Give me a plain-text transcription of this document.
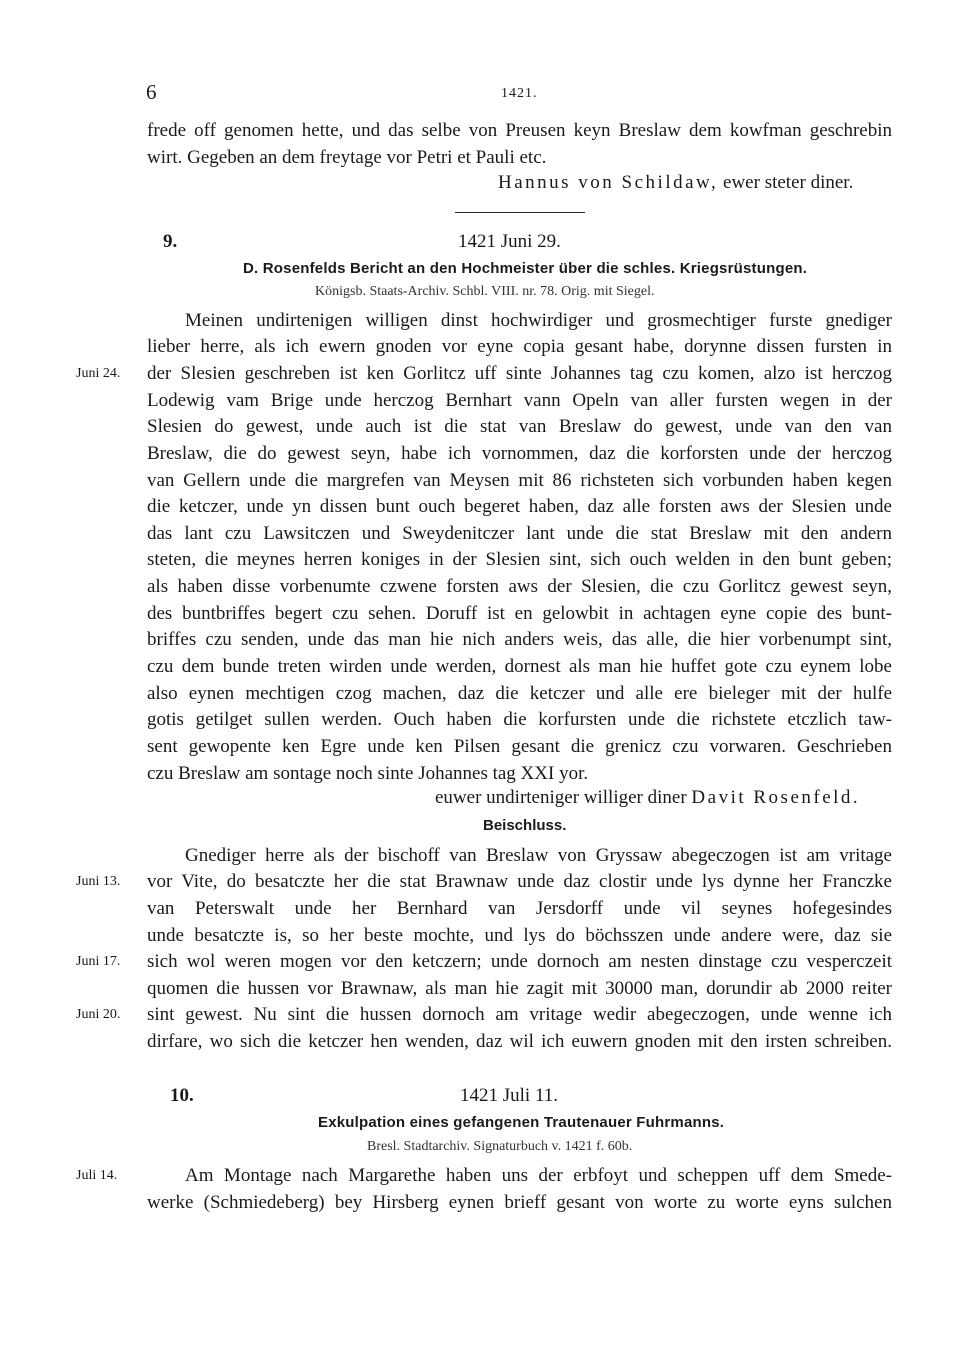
6	1421.
frede off genomen hette, und das selbe von Preusen keyn Breslaw dem kowfman geschrebin
wirt. Gegeben an dem freytage vor Petri et Pauli etc.
Hannus von Schildaw, ewer steter diner.
9.	1421 Juni 29.
D. Rosenfelds Bericht an den Hochmeister über die schles. Kriegsrüstungen.
Königsb. Staats-Archiv. Schbl. VIII. nr. 78. Orig. mit Siegel.
Meinen undirtenigen willigen dinst hochwirdiger und grosmechtiger furste gnediger
lieber herre, als ich ewern gnoden vor eyne copia gesant habe, dorynne dissen fursten in
der Slesien geschreben ist ken Gorlitcz uff sinte Johannes tag czu komen, alzo ist herczog
Lodewig vam Brige unde herczog Bernhart vann Opeln van aller fursten wegen in der
Slesien do gewest, unde auch ist die stat van Breslaw do gewest, unde van den van
Breslaw, die do gewest seyn, habe ich vornommen, daz die korforsten unde der herczog
van Gellern unde die margrefen van Meysen mit 86 richsteten sich vorbunden haben kegen
die ketczer, unde yn dissen bunt ouch begeret haben, daz alle forsten aws der Slesien unde
das lant czu Lawsitczen und Sweydenitczer lant unde die stat Breslaw mit den andern
steten, die meynes herren koniges in der Slesien sint, sich ouch welden in den bunt geben;
als haben disse vorbenumte czwene forsten aws der Slesien, die czu Gorlitcz gewest seyn,
des buntbriffes begert czu sehen. Doruff ist en gelowbit in achtagen eyne copie des bunt-
briffes czu senden, unde das man hie nich anders weis, das alle, die hier vorbenumpt sint,
czu dem bunde treten wirden unde werden, dornest als man hie huffet gote czu eynem lobe
also eynen mechtigen czog machen, daz die ketczer und alle ere bieleger mit der hulfe
gotis getilget sullen werden. Ouch haben die korfursten unde die richstete etczlich taw-
sent gewopente ken Egre unde ken Pilsen gesant die grenicz czu vorwaren. Geschrieben
czu Breslaw am sontage noch sinte Johannes tag XXI yor.
euwer undirteniger williger diner Davit Rosenfeld.
Beischluss.
Gnediger herre als der bischoff van Breslaw von Gryssaw abegeczogen ist am vritage
vor Vite, do besatczte her die stat Brawnaw unde daz clostir unde lys dynne her Franczke
van Peterswalt unde her Bernhard van Jersdorff unde vil seynes hofegesindes
unde besatczte is, so her beste mochte, und lys do böchsszen unde andere were, daz sie
sich wol weren mogen vor den ketczern; unde dornoch am nesten dinstage czu vesperczeit
quomen die hussen vor Brawnaw, als man hie zagit mit 30000 man, dorundir ab 2000 reiter
sint gewest. Nu sint die hussen dornoch am vritage wedir abegeczogen, unde wenne ich
dirfare, wo sich die ketczer hen wenden, daz wil ich euwern gnoden mit den irsten schreiben.
10.	1421 Juli 11.
Exkulpation eines gefangenen Trautenauer Fuhrmanns.
Bresl. Stadtarchiv. Signaturbuch v. 1421 f. 60b.
Am Montage nach Margarethe haben uns der erbfoyt und scheppen uff dem Smede-
werke (Schmiedeberg) bey Hirsberg eynen brieff gesant von worte zu worte eyns sulchen
Juni 24.
Juni 13.
Juni 17.
Juni 20.
Juli 14.
